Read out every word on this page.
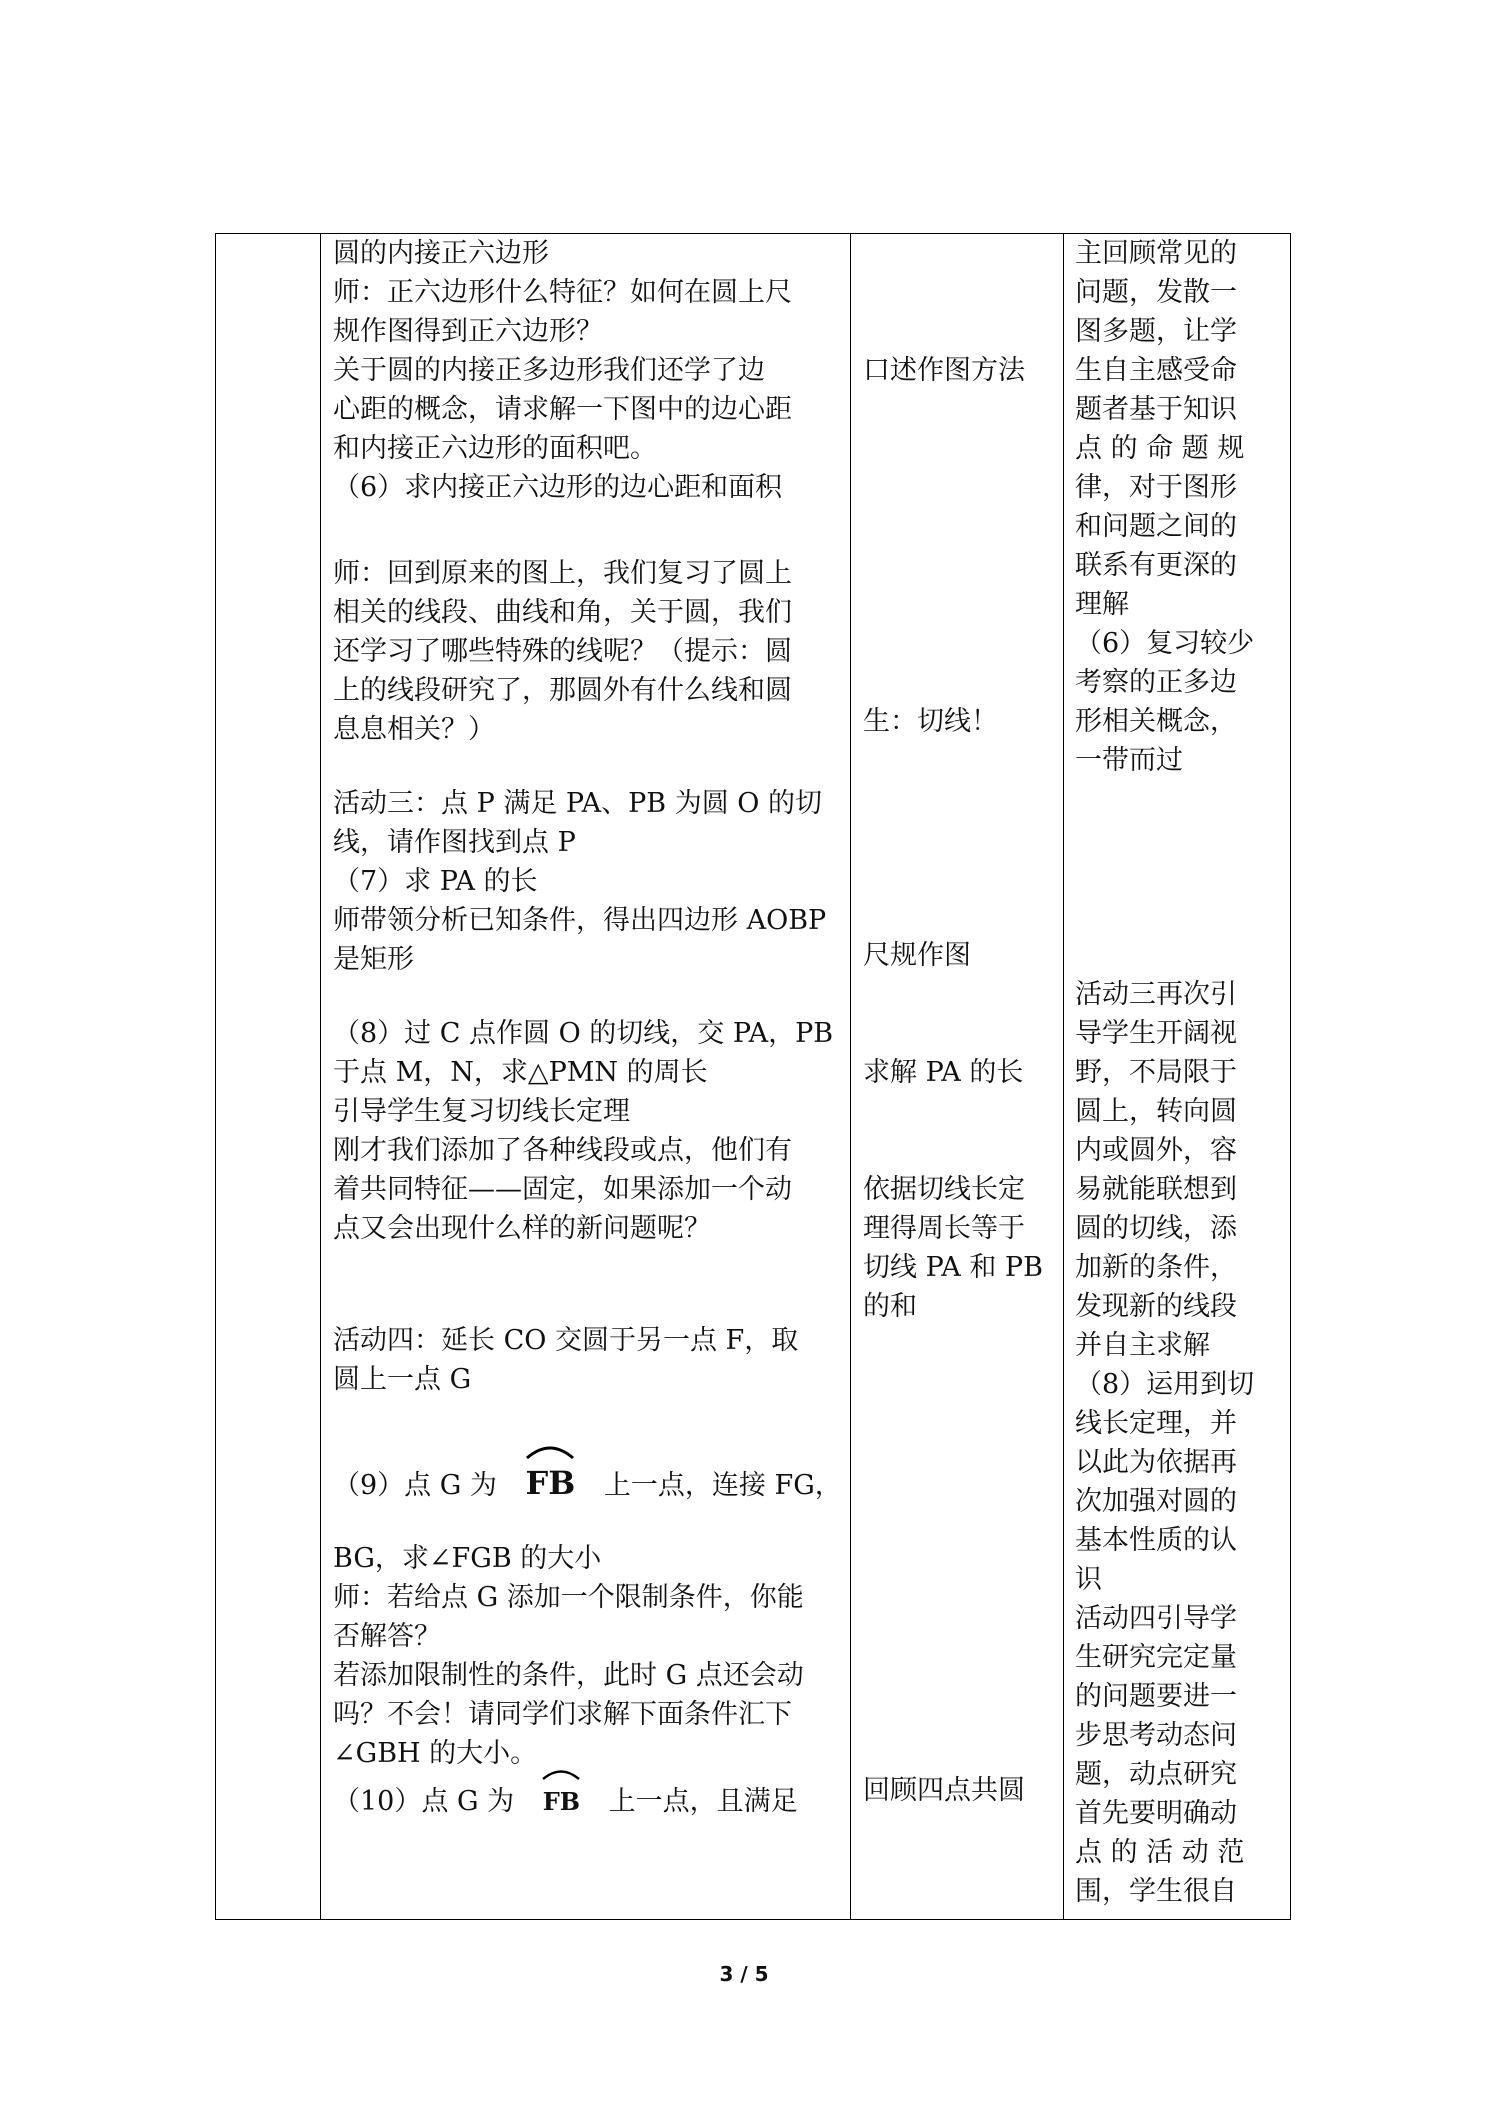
圆的内接正六边形

师：正六边形什么特征？如何在圆上尺

规作图得到正六边形？

关于圆的内接正多边形我们还学了边

心距的概念，请求解一下图中的边心距

和内接正六边形的面积吧。

（6）求内接正六边形的边心距和面积

师：回到原来的图上，我们复习了圆上

相关的线段、曲线和角，关于圆，我们

还学习了哪些特殊的线呢？（提示：圆

上的线段研究了，那圆外有什么线和圆

息息相关？）

活动三：点 P 满足 PA、PB 为圆 O 的切

线，请作图找到点 P

（7）求 PA 的长

师带领分析已知条件，得出四边形 AOBP

是矩形

（8）过 C 点作圆 O 的切线，交 PA，PB

于点 M，N，求△PMN 的周长

引导学生复习切线长定理

刚才我们添加了各种线段或点，他们有

着共同特征——固定，如果添加一个动

点又会出现什么样的新问题呢？

活动四：延长 CO 交圆于另一点 F，取

圆上一点 G

（9）点 G 为 FB 上一点，连接 FG，

BG，求∠FGB 的大小

师：若给点 G 添加一个限制条件，你能

否解答？

若添加限制性的条件，此时 G 点还会动

吗？不会！请同学们求解下面条件汇下

∠GBH 的大小。

（10）点 G 为 FB 上一点，且满足

口述作图方法

生：切线！

尺规作图

求解 PA 的长

依据切线长定

理得周长等于

切线 PA 和 PB

的和

回顾四点共圆

主回顾常见的

问题，发散一

图多题，让学

生自主感受命

题者基于知识

点 的 命 题 规

律，对于图形

和问题之间的

联系有更深的

理解

（6）复习较少

考察的正多边

形相关概念，

一带而过

活动三再次引

导学生开阔视

野，不局限于

圆上，转向圆

内或圆外，容

易就能联想到

圆的切线，添

加新的条件，

发现新的线段

并自主求解

（8）运用到切

线长定理，并

以此为依据再

次加强对圆的

基本性质的认

识

活动四引导学

生研究完定量

的问题要进一

步思考动态问

题，动点研究

首先要明确动

点 的 活 动 范

围，学生很自

3 / 5
